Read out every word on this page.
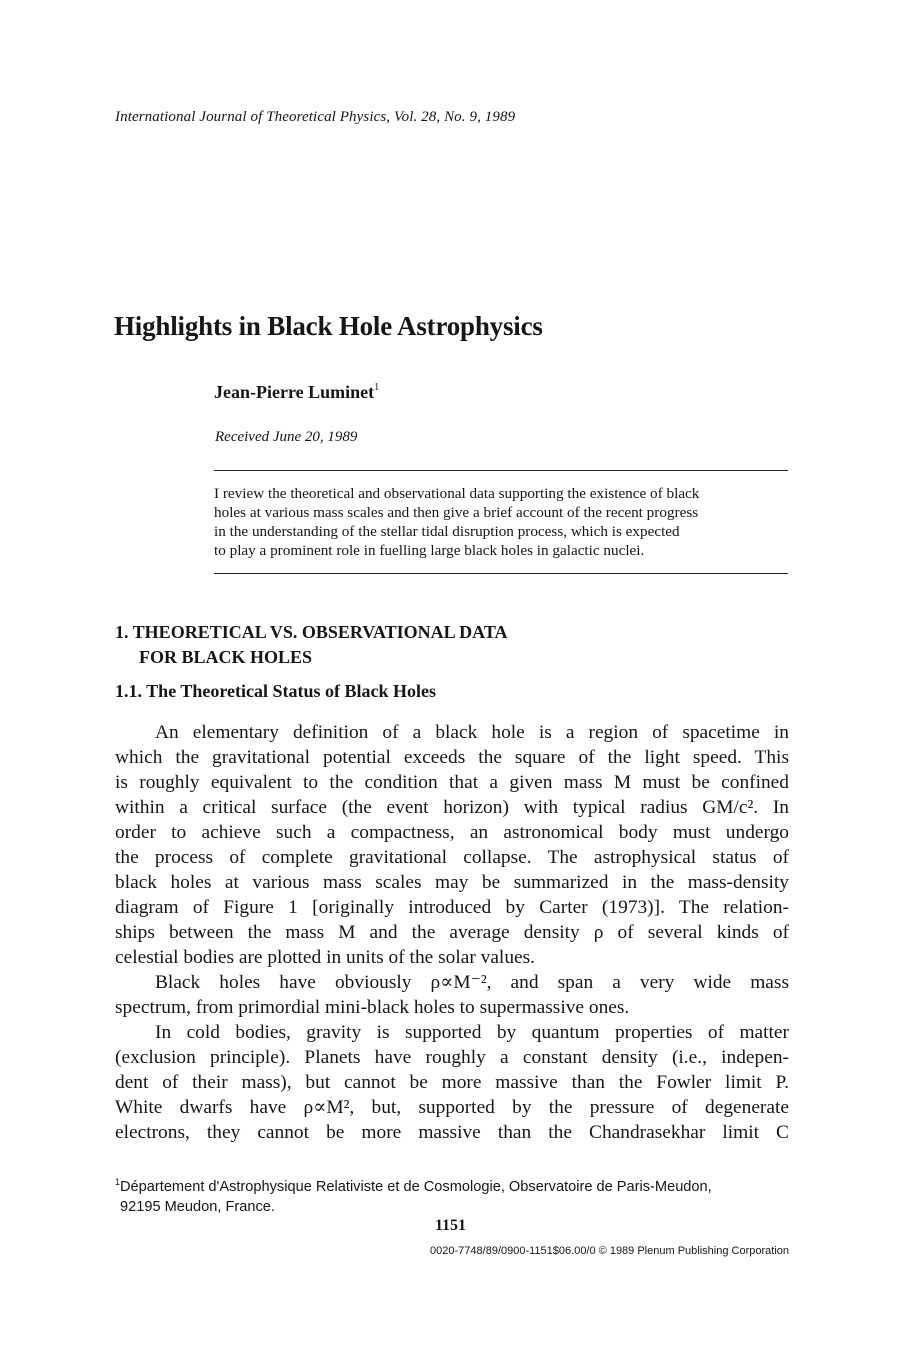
International Journal of Theoretical Physics, Vol. 28, No. 9, 1989
Highlights in Black Hole Astrophysics
Jean-Pierre Luminet$^1$
Received June 20, 1989
I review the theoretical and observational data supporting the existence of black
holes at various mass scales and then give a brief account of the recent progress
in the understanding of the stellar tidal disruption process, which is expected
to play a prominent role in fuelling large black holes in galactic nuclei.
1. THEORETICAL VS. OBSERVATIONAL DATA
FOR BLACK HOLES
1.1. The Theoretical Status of Black Holes

An elementary definition of a black hole is a region of spacetime in
which the gravitational potential exceeds the square of the light speed. This
is roughly equivalent to the condition that a given mass M must be confined
within a critical surface (the event horizon) with typical radius GM/c². In
order to achieve such a compactness, an astronomical body must undergo
the process of complete gravitational collapse. The astrophysical status of
black holes at various mass scales may be summarized in the mass-density
diagram of Figure 1 [originally introduced by Carter (1973)]. The relation-
ships between the mass M and the average density ρ of several kinds of
celestial bodies are plotted in units of the solar values.

Black holes have obviously ρ∝M⁻², and span a very wide mass
spectrum, from primordial mini-black holes to supermassive ones.

In cold bodies, gravity is supported by quantum properties of matter
(exclusion principle). Planets have roughly a constant density (i.e., indepen-
dent of their mass), but cannot be more massive than the Fowler limit P.
White dwarfs have ρ∝M², but, supported by the pressure of degenerate
electrons, they cannot be more massive than the Chandrasekhar limit C

$^1$Département d'Astrophysique Relativiste et de Cosmologie, Observatoire de Paris-Meudon,
92195 Meudon, France.
1151
0020-7748/89/0900-1151$06.00/0 © 1989 Plenum Publishing Corporation
